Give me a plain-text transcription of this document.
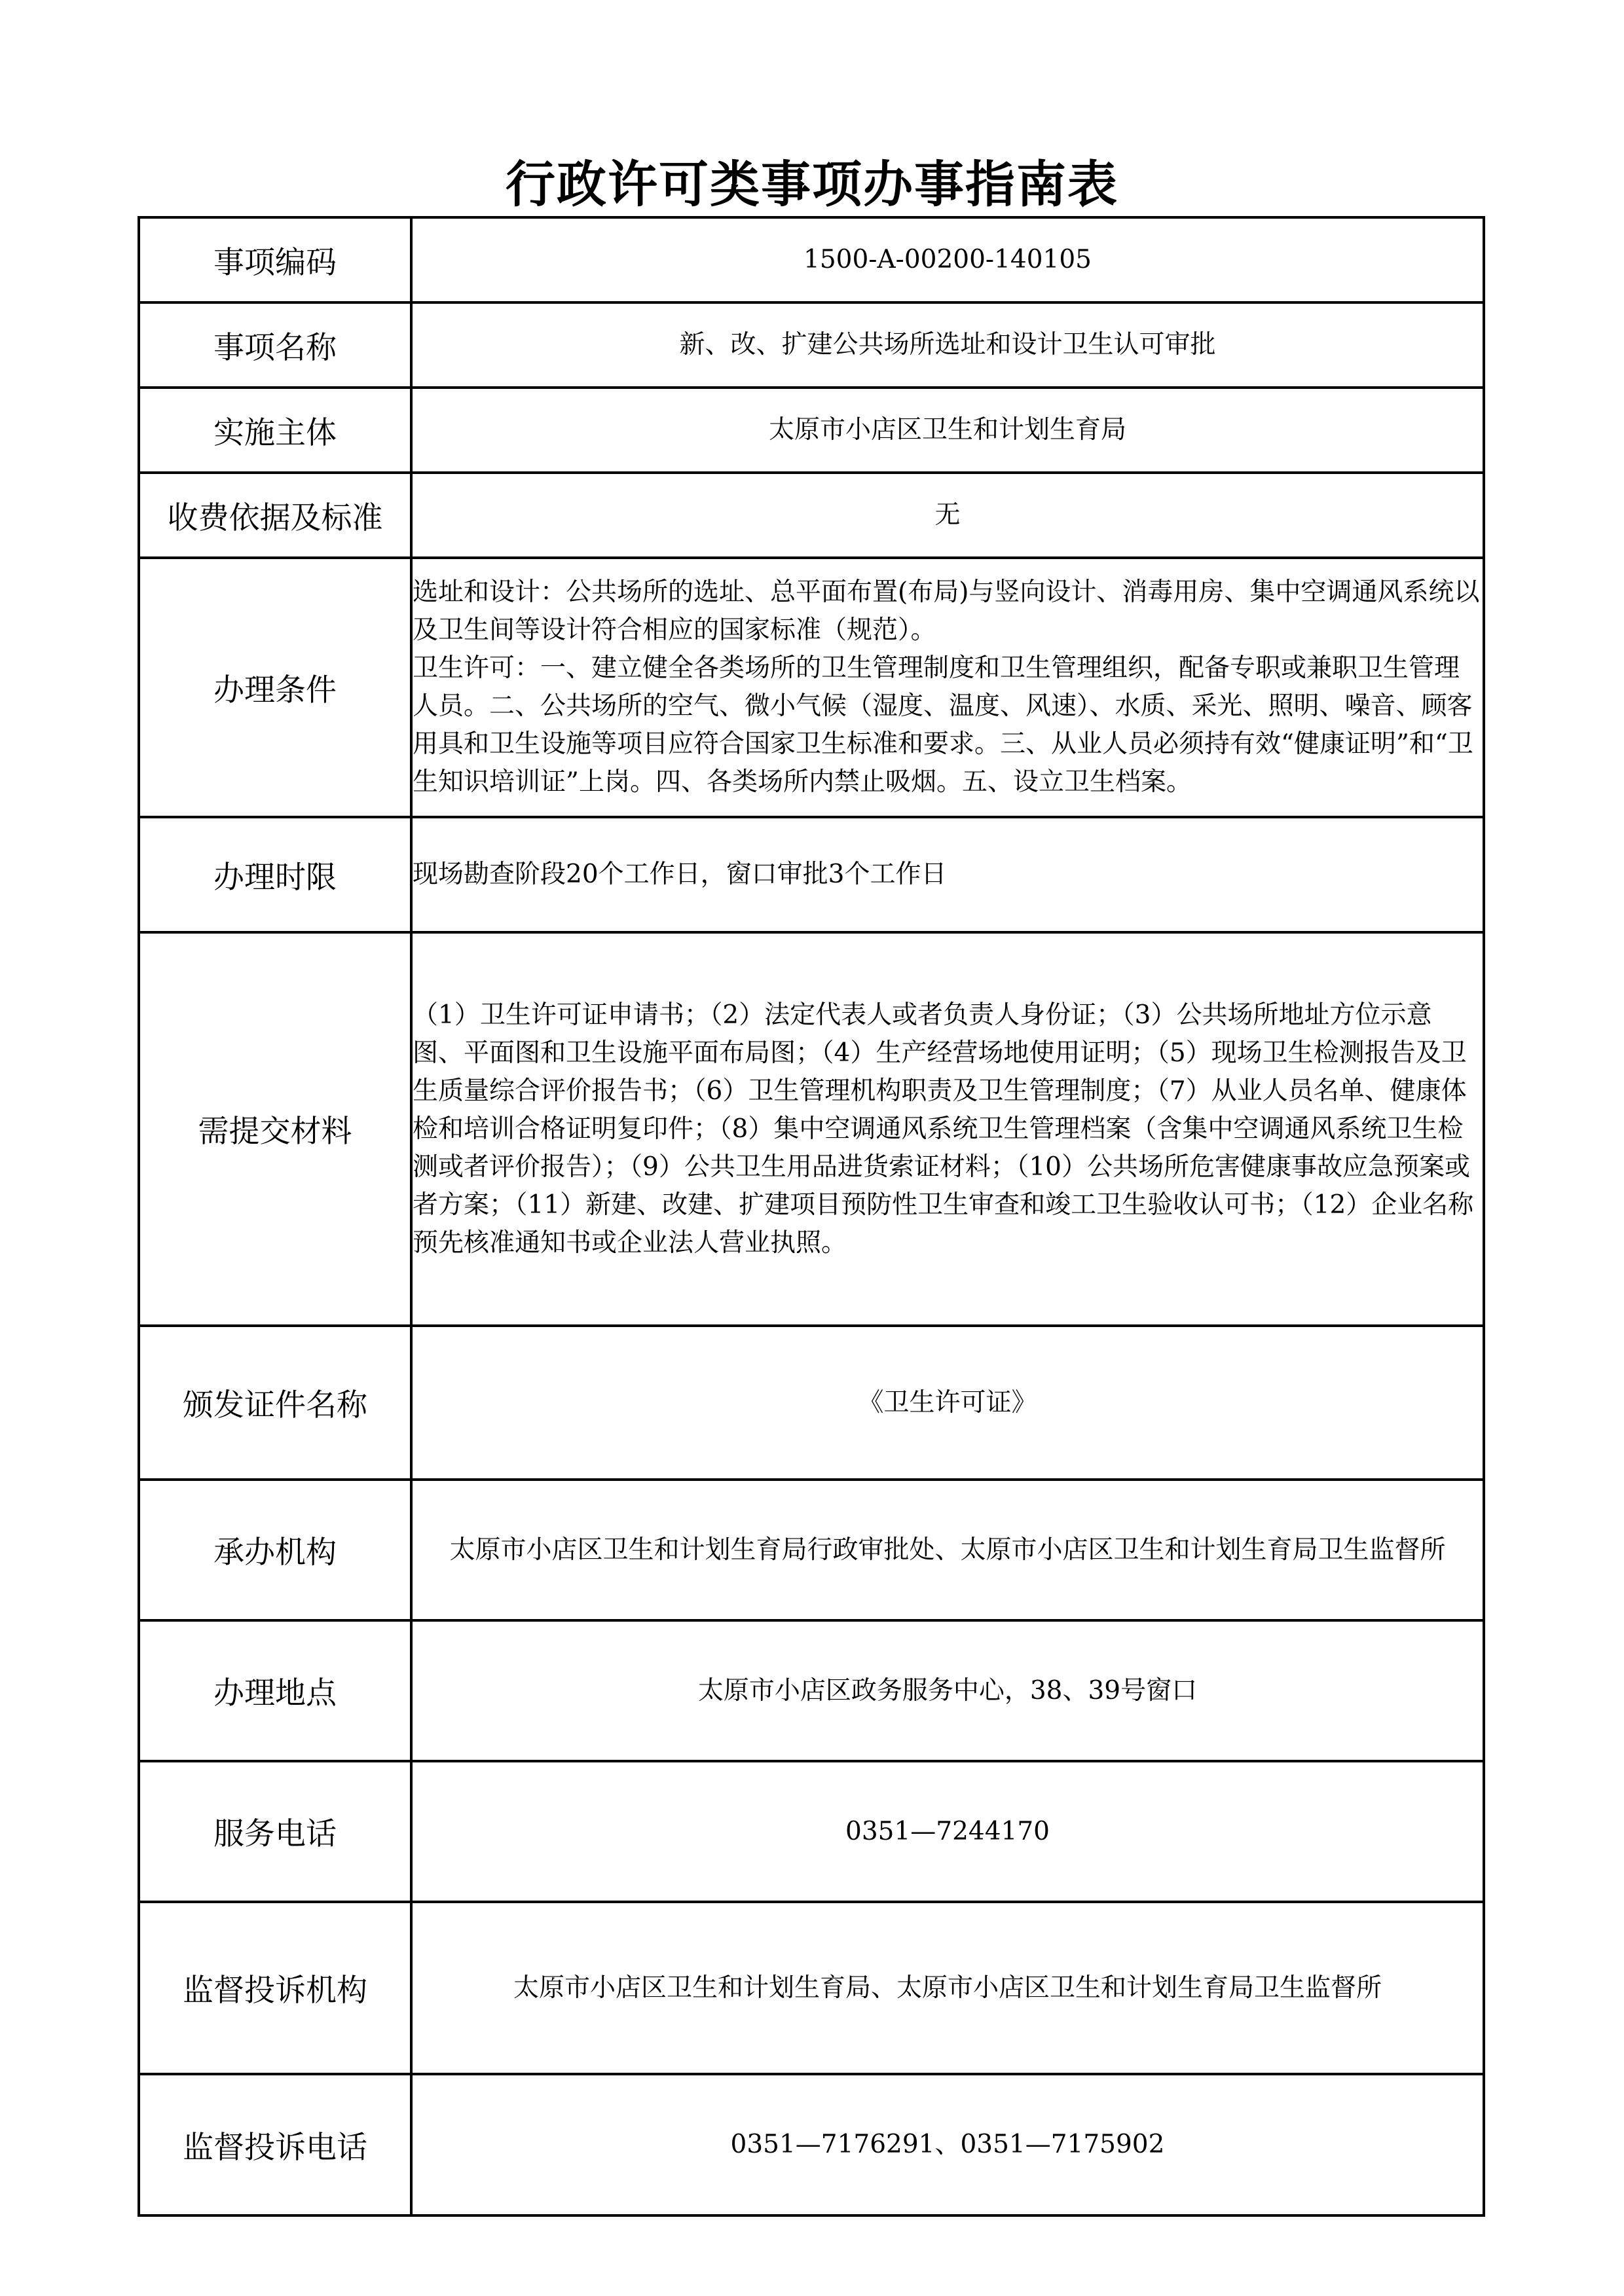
行政许可类事项办事指南表
事项编码	1500-A-00200-140105
事项名称	新、改、扩建公共场所选址和设计卫生认可审批
实施主体	太原市小店区卫生和计划生育局
收费依据及标准	无
办理条件	选址和设计：公共场所的选址、总平面布置(布局)与竖向设计、消毒用房、集中空调通风系统以及卫生间等设计符合相应的国家标准（规范）。
卫生许可：一、建立健全各类场所的卫生管理制度和卫生管理组织，配备专职或兼职卫生管理人员。二、公共场所的空气、微小气候（湿度、温度、风速）、水质、采光、照明、噪音、顾客用具和卫生设施等项目应符合国家卫生标准和要求。三、从业人员必须持有效“健康证明”和“卫生知识培训证”上岗。四、各类场所内禁止吸烟。五、设立卫生档案。
办理时限	现场勘查阶段20个工作日，窗口审批3个工作日
需提交材料	（1）卫生许可证申请书；（2）法定代表人或者负责人身份证；（3）公共场所地址方位示意图、平面图和卫生设施平面布局图；（4）生产经营场地使用证明；（5）现场卫生检测报告及卫生质量综合评价报告书；（6）卫生管理机构职责及卫生管理制度；（7）从业人员名单、健康体检和培训合格证明复印件；（8）集中空调通风系统卫生管理档案（含集中空调通风系统卫生检测或者评价报告）；（9）公共卫生用品进货索证材料；（10）公共场所危害健康事故应急预案或者方案；（11）新建、改建、扩建项目预防性卫生审查和竣工卫生验收认可书；（12）企业名称预先核准通知书或企业法人营业执照。
颁发证件名称	《卫生许可证》
承办机构	太原市小店区卫生和计划生育局行政审批处、太原市小店区卫生和计划生育局卫生监督所
办理地点	太原市小店区政务服务中心，38、39号窗口
服务电话	0351—7244170
监督投诉机构	太原市小店区卫生和计划生育局、太原市小店区卫生和计划生育局卫生监督所
监督投诉电话	0351—7176291、0351—7175902
